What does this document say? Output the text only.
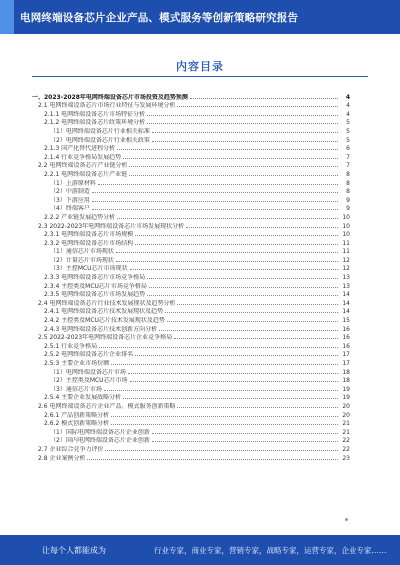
电网终端设备芯片企业产品、模式服务等创新策略研究报告
内容目录
一、2023-2028年电网终端设备芯片市场投资及趋势预测	4
2.1 电网终端设备芯片市场行业特征与发展环境分析	4
2.1.1 电网终端设备芯片市场特征分析	4
2.1.2 电网终端设备芯片政策环境分析	5
（1）电网终端设备芯片行业相关标准	5
（2）电网终端设备芯片行业相关政策	5
2.1.3 国产化替代进程分析	6
2.1.4 行业竞争格局发展趋势	7
2.2 电网终端设备芯片产业链分析	7
2.2.1 电网终端设备芯片产业链	8
（1）上游原材料	8
（2）中游制造	8
（3）下游应用	9
（4）终端客户	9
2.2.2 产业链发展趋势分析	10
2.3 2022-2023年电网终端设备芯片市场发展现状分析	10
2.3.1 电网终端设备芯片市场规模	10
2.3.2 电网终端设备芯片市场结构	11
（1）通信芯片市场现状	11
（2）计量芯片市场现状	12
（3）主控MCU芯片市场现状	12
2.3.3 电网终端设备芯片市场竞争格局	13
2.3.4 主控类及MCU芯片市场竞争格局	13
2.3.5 电网终端设备芯片市场发展趋势	14
2.4 电网终端设备芯片行业技术发展现状及趋势分析	14
2.4.1 电网终端设备芯片技术发展现状及趋势	14
2.4.2 主控类及MCU芯片技术发展现状及趋势	15
2.4.3 电网终端设备芯片技术创新方向分析	16
2.5 2022-2023年电网终端设备芯片企业竞争格局	16
2.5.1 行业竞争格局	16
2.5.2 电网终端设备芯片企业排名	17
2.5.3 主要企业市场份额	17
（1）电网终端设备芯片市场	18
（2）主控类及MCU芯片市场	18
（3）通信芯片市场	19
2.5.4 主要企业发展战略分析	19
2.6 电网终端设备芯片企业产品、模式服务创新策略	20
2.6.1 产品创新策略分析	20
2.6.2 模式创新策略分析	21
（1）国际电网终端设备芯片企业创新	21
（2）国内电网终端设备芯片企业创新	22
2.7 企业综合竞争力评价	22
2.8 企业案例分析	23
让每个人都能成为	行业专家，商业专家，营销专家，战略专家，运营专家，企业专家……
